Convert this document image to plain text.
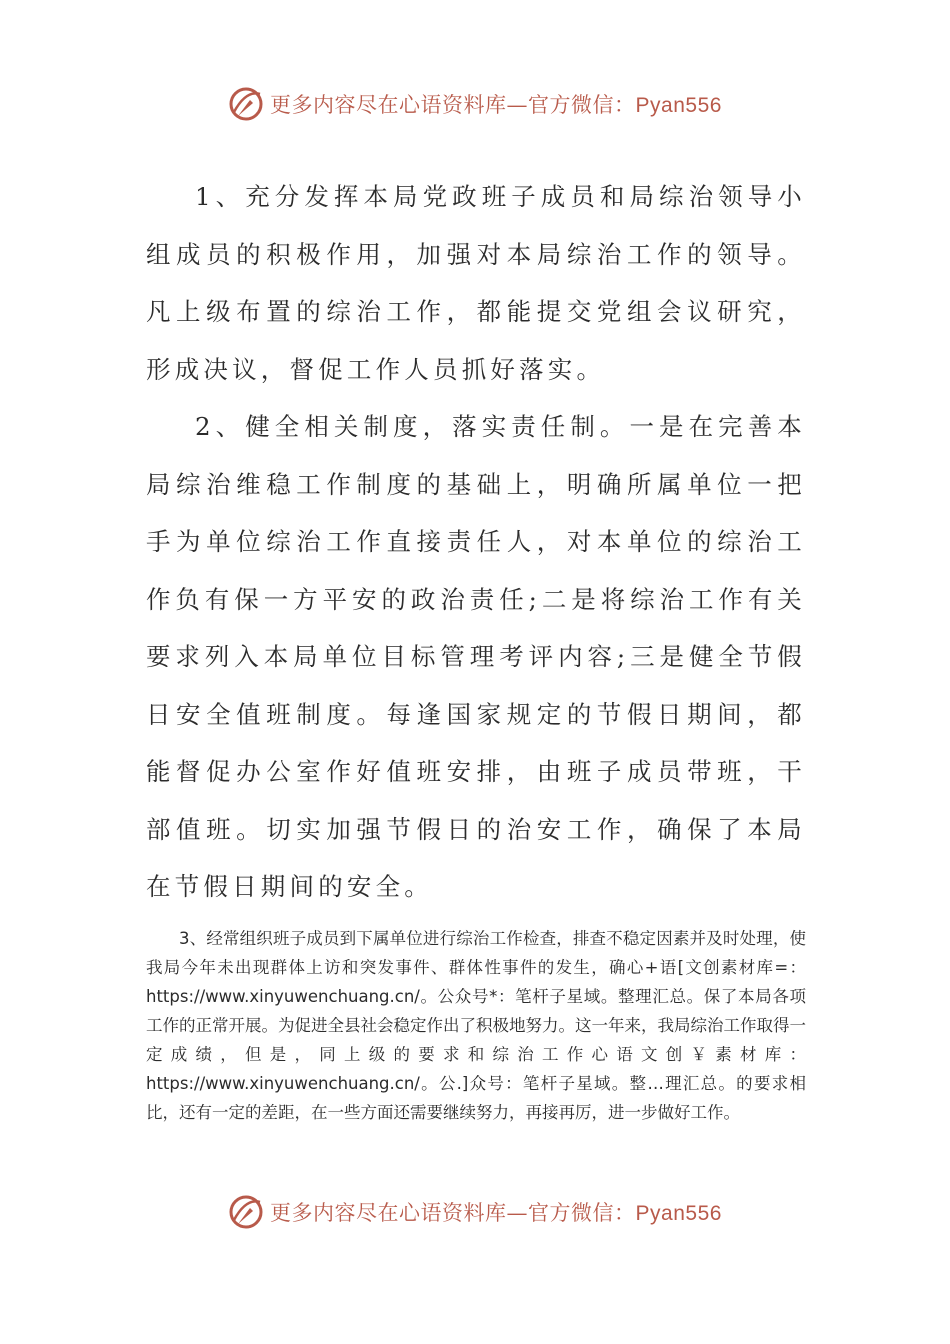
更多内容尽在心语资料库—官方微信：Pyan556

1、充分发挥本局党政班子成员和局综治领导小组成员的积极作用，加强对本局综治工作的领导。凡上级布置的综治工作，都能提交党组会议研究，形成决议，督促工作人员抓好落实。

2、健全相关制度，落实责任制。一是在完善本局综治维稳工作制度的基础上，明确所属单位一把手为单位综治工作直接责任人，对本单位的综治工作负有保一方平安的政治责任;二是将综治工作有关要求列入本局单位目标管理考评内容;三是健全节假日安全值班制度。每逢国家规定的节假日期间，都能督促办公室作好值班安排，由班子成员带班，干部值班。切实加强节假日的治安工作，确保了本局在节假日期间的安全。

3、经常组织班子成员到下属单位进行综治工作检查，排查不稳定因素并及时处理，使我局今年未出现群体上访和突发事件、群体性事件的发生，确心+语[文创素材库=：https://www.xinyuwenchuang.cn/。公众号*：笔杆子星域。整理汇总。保了本局各项工作的正常开展。为促进全县社会稳定作出了积极地努力。这一年来，我局综治工作取得一定成绩，但是，同上级的要求和综治工作心语文创￥素材库：https://www.xinyuwenchuang.cn/。公.]众号：笔杆子星域。整…理汇总。的要求相比，还有一定的差距，在一些方面还需要继续努力，再接再厉，进一步做好工作。

更多内容尽在心语资料库—官方微信：Pyan556
